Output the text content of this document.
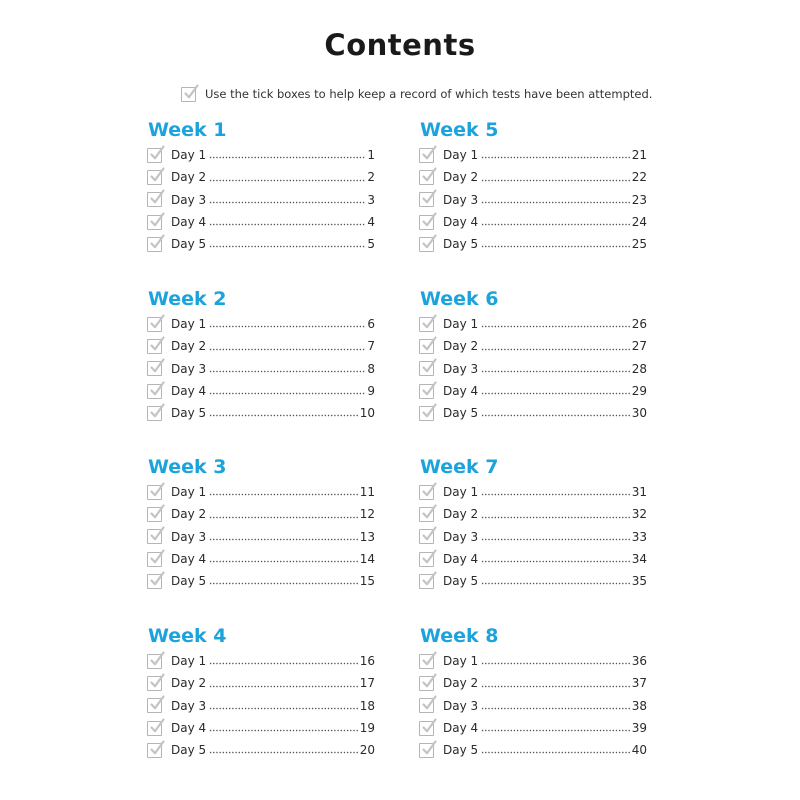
Contents
Use the tick boxes to help keep a record of which tests have been attempted.
Week 1
Day 1	1
Day 2	2
Day 3	3
Day 4	4
Day 5	5
Week 2
Day 1	6
Day 2	7
Day 3	8
Day 4	9
Day 5	10
Week 3
Day 1	11
Day 2	12
Day 3	13
Day 4	14
Day 5	15
Week 4
Day 1	16
Day 2	17
Day 3	18
Day 4	19
Day 5	20
Week 5
Day 1	21
Day 2	22
Day 3	23
Day 4	24
Day 5	25
Week 6
Day 1	26
Day 2	27
Day 3	28
Day 4	29
Day 5	30
Week 7
Day 1	31
Day 2	32
Day 3	33
Day 4	34
Day 5	35
Week 8
Day 1	36
Day 2	37
Day 3	38
Day 4	39
Day 5	40
